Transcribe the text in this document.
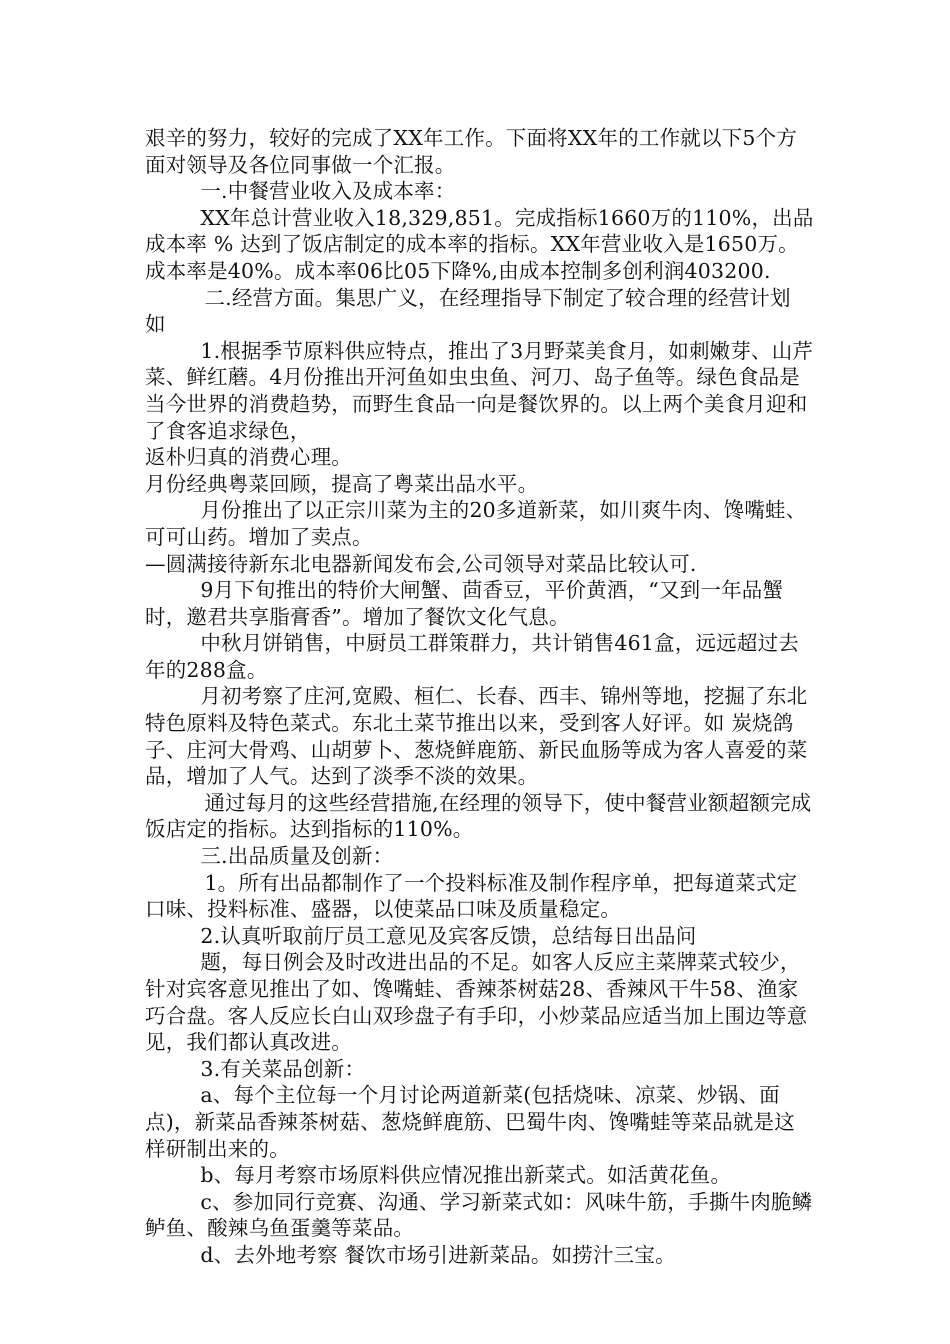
艰辛的努力，较好的完成了XX年工作。下面将XX年的工作就以下5个方面对领导及各位同事做一个汇报。

一.中餐营业收入及成本率：

XX年总计营业收入18,329,851。完成指标1660万的110%，出品成本率 % 达到了饭店制定的成本率的指标。XX年营业收入是1650万。成本率是40%。成本率06比05下降%,由成本控制多创利润403200.

二.经营方面。集思广义，在经理指导下制定了较合理的经营计划 如

1.根据季节原料供应特点，推出了3月野菜美食月，如刺嫩芽、山芹菜、鲜红蘑。4月份推出开河鱼如虫虫鱼、河刀、岛子鱼等。绿色食品是当今世界的消费趋势，而野生食品一向是餐饮界的。以上两个美食月迎和了食客追求绿色，

返朴归真的消费心理。

月份经典粤菜回顾，提高了粤菜出品水平。

月份推出了以正宗川菜为主的20多道新菜，如川爽牛肉、馋嘴蛙、可可山药。增加了卖点。

—圆满接待新东北电器新闻发布会,公司领导对菜品比较认可.

9月下旬推出的特价大闸蟹、茴香豆，平价黄酒，“又到一年品蟹时，邀君共享脂膏香”。增加了餐饮文化气息。

中秋月饼销售，中厨员工群策群力，共计销售461盒，远远超过去年的288盒。

月初考察了庄河,宽殿、桓仁、长春、西丰、锦州等地，挖掘了东北特色原料及特色菜式。东北土菜节推出以来，受到客人好评。如 炭烧鸽子、庄河大骨鸡、山胡萝卜、葱烧鲜鹿筋、新民血肠等成为客人喜爱的菜品，增加了人气。达到了淡季不淡的效果。

通过每月的这些经营措施,在经理的领导下，使中餐营业额超额完成饭店定的指标。达到指标的110%。

三.出品质量及创新：

1。所有出品都制作了一个投料标准及制作程序单，把每道菜式定口味、投料标准、盛器，以使菜品口味及质量稳定。

2.认真听取前厅员工意见及宾客反馈，总结每日出品问

题，每日例会及时改进出品的不足。如客人反应主菜牌菜式较少，针对宾客意见推出了如、馋嘴蛙、香辣茶树菇28、香辣风干牛58、渔家巧合盘。客人反应长白山双珍盘子有手印，小炒菜品应适当加上围边等意见，我们都认真改进。

3.有关菜品创新：

a、每个主位每一个月讨论两道新菜(包括烧味、凉菜、炒锅、面点)，新菜品香辣茶树菇、葱烧鲜鹿筋、巴蜀牛肉、馋嘴蛙等菜品就是这样研制出来的。

b、每月考察市场原料供应情况推出新菜式。如活黄花鱼。

c、参加同行竞赛、沟通、学习新菜式如：风味牛筋，手撕牛肉脆鳞鲈鱼、酸辣乌鱼蛋羹等菜品。

d、去外地考察 餐饮市场引进新菜品。如捞汁三宝。
